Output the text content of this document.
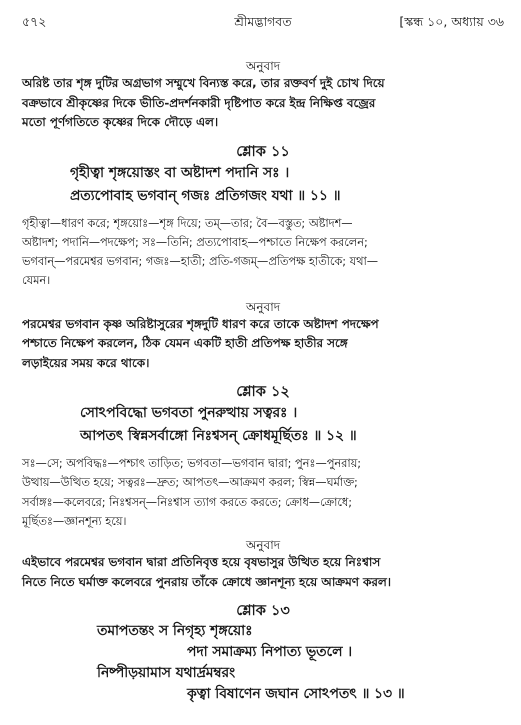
৫৭২	শ্রীমদ্ভাগবত	[স্কন্ধ ১০, অধ্যায় ৩৬
অনুবাদ

অরিষ্ট তার শৃঙ্গ দুটির অগ্রভাগ সম্মুখে বিন্যস্ত করে, তার রক্তবর্ণ দুই চোখ দিয়ে

বক্রভাবে শ্রীকৃষ্ণের দিকে ভীতি-প্রদর্শনকারী দৃষ্টিপাত করে ইন্দ্র নিক্ষিপ্ত বজ্রের

মতো পূর্ণগতিতে কৃষ্ণের দিকে দৌড়ে এল।

শ্লোক ১১
গৃহীত্বা শৃঙ্গয়োস্তং বা অষ্টাদশ পদানি সঃ ।
প্রত্যপোবাহ ভগবান্ গজঃ প্রতিগজং যথা ॥ ১১ ॥

গৃহীত্বা—ধারণ করে; শৃঙ্গয়োঃ—শৃঙ্গ দিয়ে; তম্—তার; বৈ—বস্তুত; অষ্টাদশ—

অষ্টাদশ; পদানি—পদক্ষেপ; সঃ—তিনি; প্রত্যপোবাহ—পশ্চাতে নিক্ষেপ করলেন;

ভগবান্—পরমেশ্বর ভগবান; গজঃ—হাতী; প্রতি-গজম্—প্রতিপক্ষ হাতীকে; যথা—

যেমন।

অনুবাদ

পরমেশ্বর ভগবান কৃষ্ণ অরিষ্টাসুরের শৃঙ্গদুটি ধারণ করে তাকে অষ্টাদশ পদক্ষেপ

পশ্চাতে নিক্ষেপ করলেন, ঠিক যেমন একটি হাতী প্রতিপক্ষ হাতীর সঙ্গে

লড়াইয়ের সময় করে থাকে।

শ্লোক ১২
সোঽপবিদ্ধো ভগবতা পুনরুত্থায় সত্বরঃ ।
আপতৎ স্বিন্নসর্বাঙ্গো নিঃশ্বসন্ ক্রোধমূর্ছিতঃ ॥ ১২ ॥

সঃ—সে; অপবিদ্ধঃ—পশ্চাৎ তাড়িত; ভগবতা—ভগবান দ্বারা; পুনঃ—পুনরায়;

উত্থায়—উত্থিত হয়ে; সত্বরঃ—দ্রুত; আপতৎ—আক্রমণ করল; স্বিন্ন—ঘর্মাক্ত;

সর্বাঙ্গঃ—কলেবরে; নিঃশ্বসন্—নিঃশ্বাস ত্যাগ করতে করতে; ক্রোধ—ক্রোধে;

মূর্ছিতঃ—জ্ঞানশূন্য হয়ে।

অনুবাদ

এইভাবে পরমেশ্বর ভগবান দ্বারা প্রতিনিবৃত্ত হয়ে বৃষভাসুর উত্থিত হয়ে নিঃশ্বাস

নিতে নিতে ঘর্মাক্ত কলেবরে পুনরায় তাঁকে ক্রোধে জ্ঞানশূন্য হয়ে আক্রমণ করল।

শ্লোক ১৩
তমাপতন্তং স নিগৃহ্য শৃঙ্গয়োঃ
পদা সমাক্রম্য নিপাত্য ভূতলে ।
নিষ্পীড়য়ামাস যথার্দ্রমম্বরং
কৃত্বা বিষাণেন জঘান সোঽপতৎ ॥ ১৩ ॥
